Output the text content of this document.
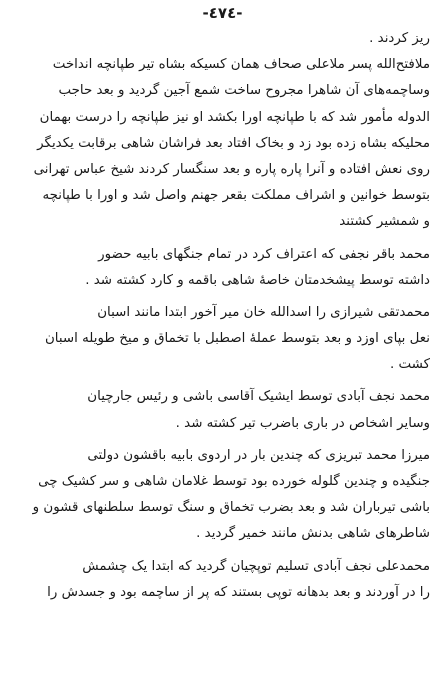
-٤٧٤-
ریز کردند .
ملافتح‌الله پسر ملاعلی صحاف همان کسیکه بشاه تیر طپانچه انداخت
وساچمه‌های آن شاهرا مجروح ساخت شمع آجین گردید و بعد حاجب
الدوله مأمور شد که با طپانچه اورا بکشد او نیز طپانچه را درست بهمان
محلیکه بشاه زده بود زد و بخاک افتاد بعد فراشان شاهی برقابت یکدیگر
روی نعش افتاده و آنرا پاره پاره و بعد سنگسار کردند شیخ عباس تهرانی
بتوسط خوانین و اشراف مملکت بقعر جهنم واصل شد و اورا با طپانچه
و شمشیر کشتند
محمد باقر نجفی که اعتراف کرد در تمام جنگهای بابیه حضور
داشته توسط پیشخدمتان خاصهٔ شاهی باقمه و کارد کشته شد .
محمدتقی شیرازی را اسدالله خان میر آخور ابتدا مانند اسبان
نعل بپای اوزد و بعد بتوسط عملهٔ اصطبل با تخماق و میخ طویله اسبان
کشت .
محمد نجف آبادی توسط ایشیک آقاسی باشی و رئیس جارچیان
وسایر اشخاص در باری باضرب تیر کشته شد .
میرزا محمد تبریزی که چندین بار در اردوی بابیه باقشون دولتی
جنگیده و چندین گلوله خورده بود توسط غلامان شاهی و سر کشیک چی
باشی تیرباران شد و بعد بضرب تخماق و سنگ توسط سلطنهای قشون و
شاطرهای شاهی بدنش مانند خمیر گردید .
محمدعلی نجف آبادی تسلیم توپچیان گردید که ابتدا یک چشمش
را در آوردند و بعد بدهانه توپی بستند که پر از ساچمه بود و جسدش را
